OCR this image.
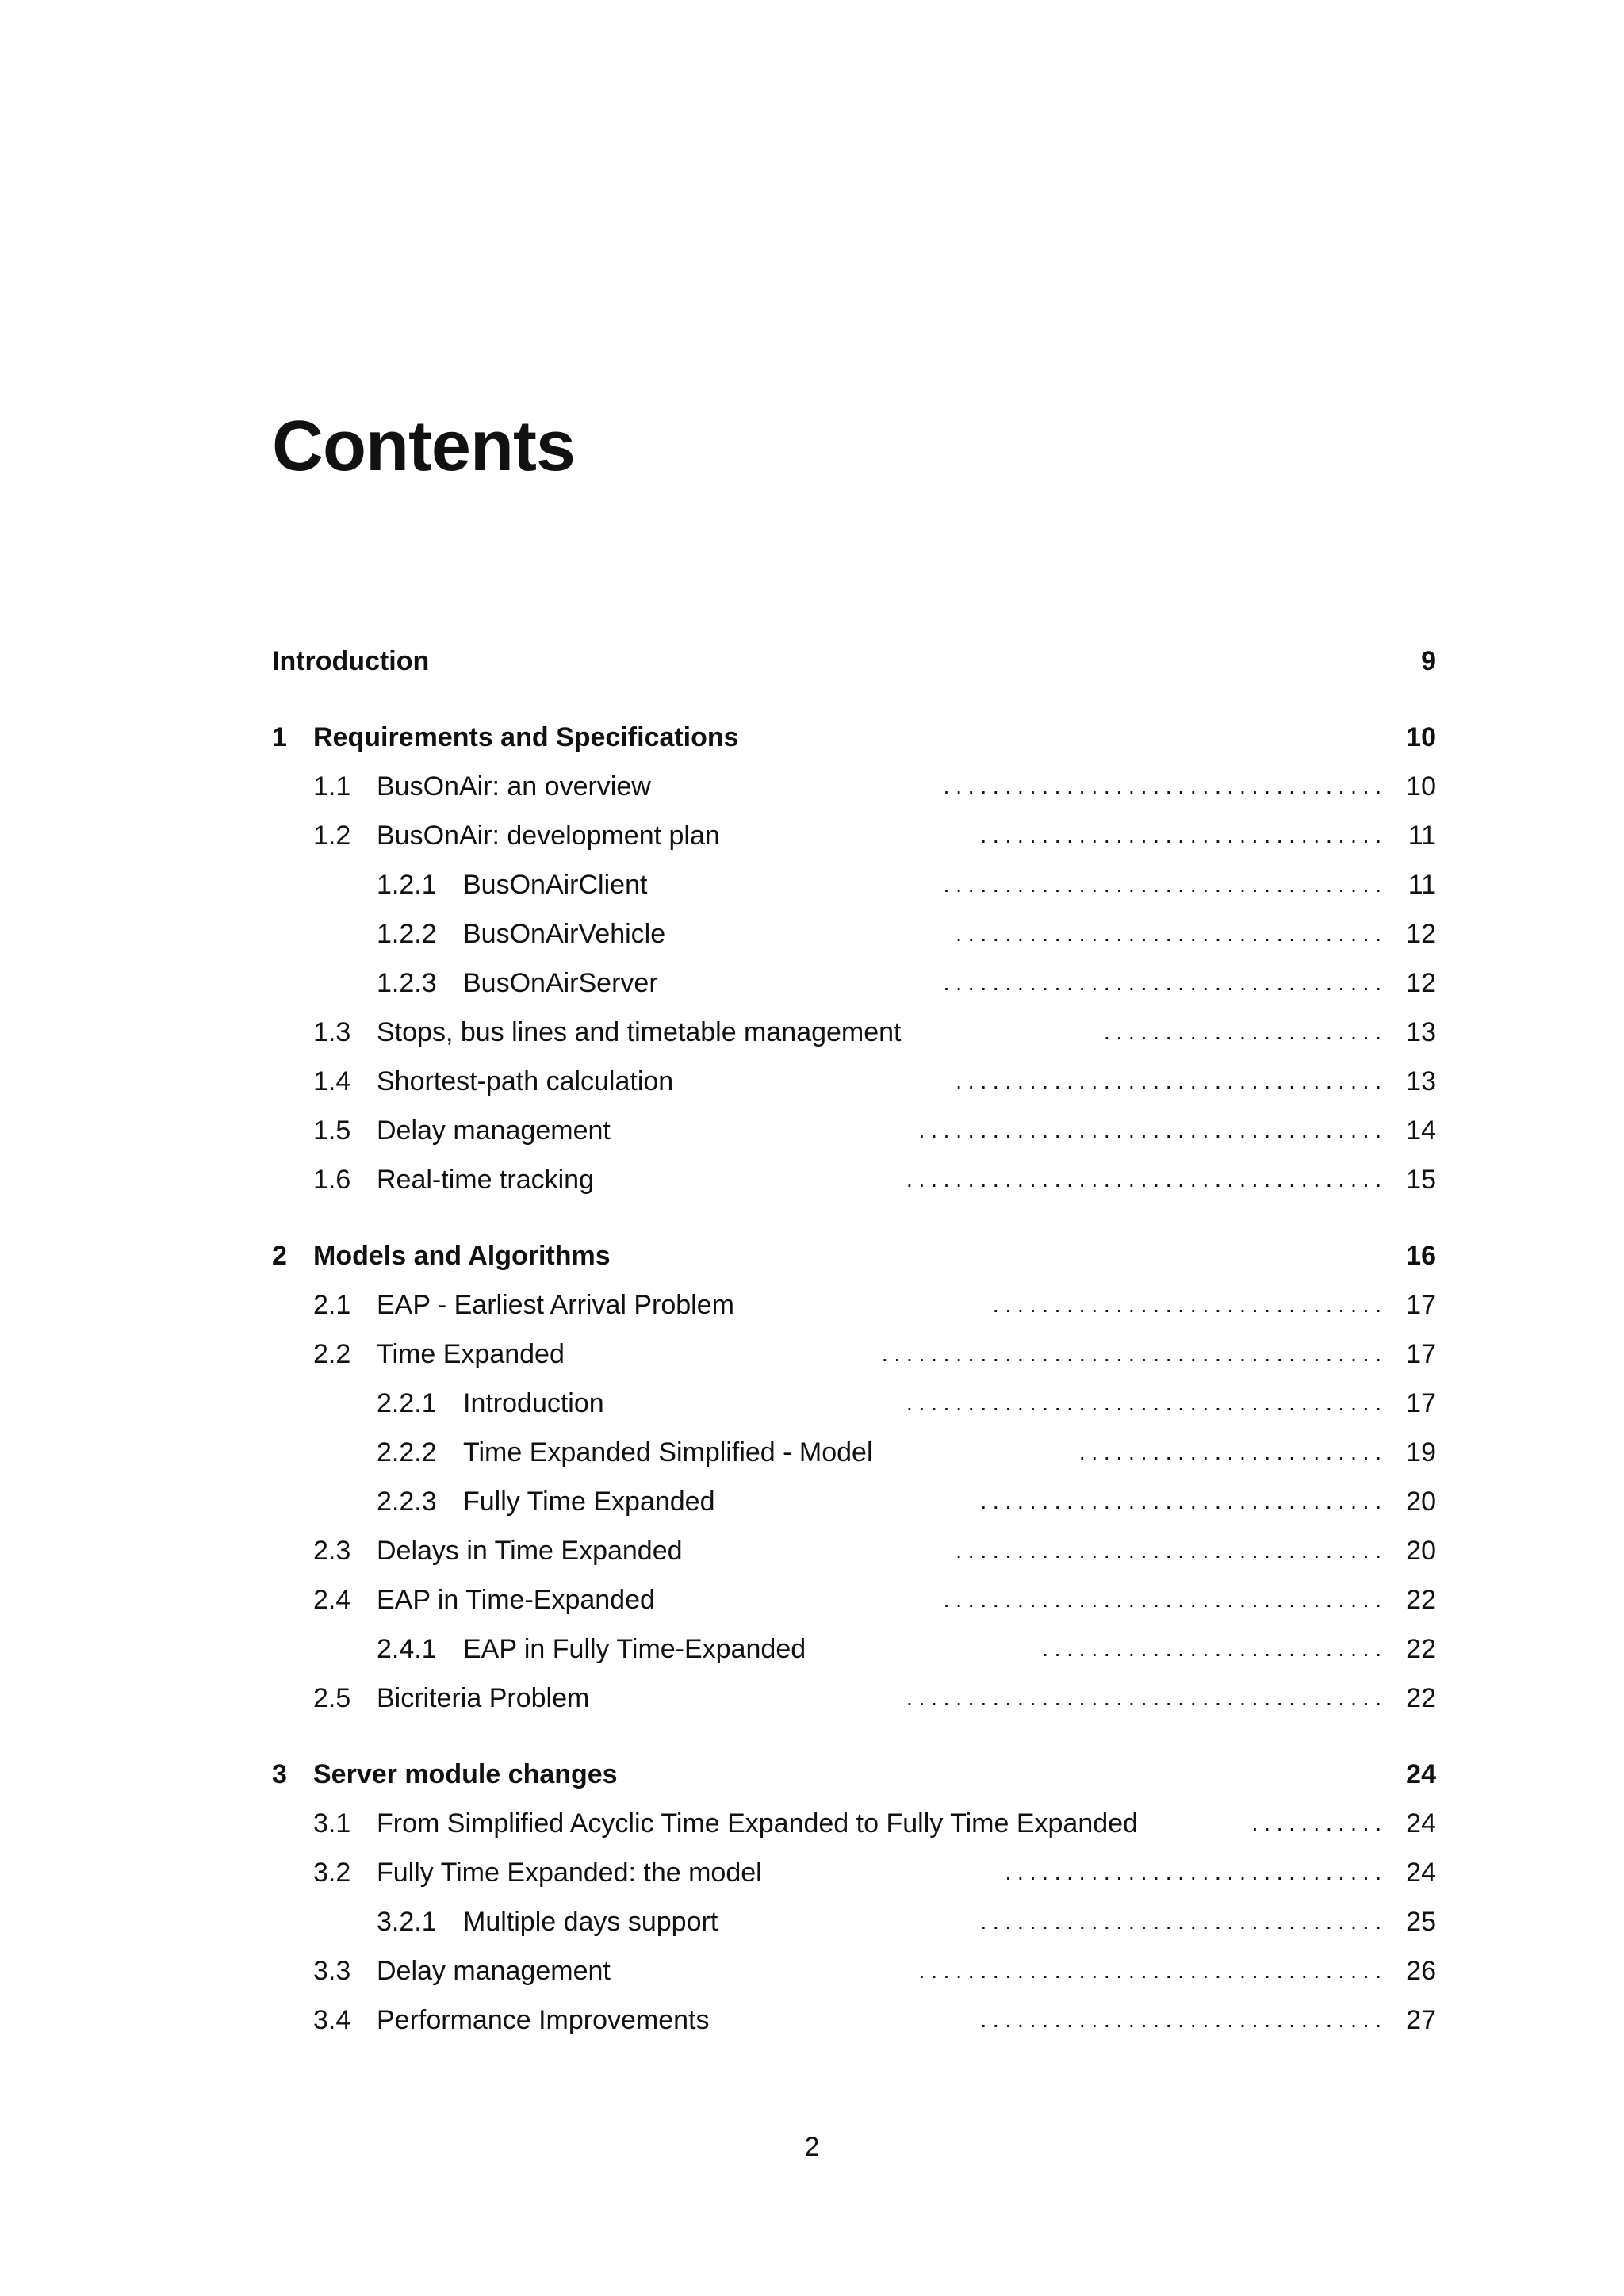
Contents
Introduction	9
1 Requirements and Specifications	10
1.1 BusOnAir: an overview	. . . . . . . . . . . . . . . . . . . . . . . . . . . . . . . . . . . . 10
1.2 BusOnAir: development plan	. . . . . . . . . . . . . . . . . . . . . . . . . . . . . . . . . 11
1.2.1 BusOnAirClient	. . . . . . . . . . . . . . . . . . . . . . . . . . . . . . . . . . . . 11
1.2.2 BusOnAirVehicle	. . . . . . . . . . . . . . . . . . . . . . . . . . . . . . . . . . . 12
1.2.3 BusOnAirServer	. . . . . . . . . . . . . . . . . . . . . . . . . . . . . . . . . . . . 12
1.3 Stops, bus lines and timetable management	. . . . . . . . . . . . . . . . . . . . . . . 13
1.4 Shortest-path calculation	. . . . . . . . . . . . . . . . . . . . . . . . . . . . . . . . . . . 13
1.5 Delay management	. . . . . . . . . . . . . . . . . . . . . . . . . . . . . . . . . . . . . . 14
1.6 Real-time tracking	. . . . . . . . . . . . . . . . . . . . . . . . . . . . . . . . . . . . . . . 15
2 Models and Algorithms	16
2.1 EAP - Earliest Arrival Problem	. . . . . . . . . . . . . . . . . . . . . . . . . . . . . . . . 17
2.2 Time Expanded	. . . . . . . . . . . . . . . . . . . . . . . . . . . . . . . . . . . . . . . . . 17
2.2.1 Introduction	. . . . . . . . . . . . . . . . . . . . . . . . . . . . . . . . . . . . . . . 17
2.2.2 Time Expanded Simplified - Model	. . . . . . . . . . . . . . . . . . . . . . . . . 19
2.2.3 Fully Time Expanded	. . . . . . . . . . . . . . . . . . . . . . . . . . . . . . . . . 20
2.3 Delays in Time Expanded	. . . . . . . . . . . . . . . . . . . . . . . . . . . . . . . . . . . 20
2.4 EAP in Time-Expanded	. . . . . . . . . . . . . . . . . . . . . . . . . . . . . . . . . . . . 22
2.4.1 EAP in Fully Time-Expanded	. . . . . . . . . . . . . . . . . . . . . . . . . . . . 22
2.5 Bicriteria Problem	. . . . . . . . . . . . . . . . . . . . . . . . . . . . . . . . . . . . . . . 22
3 Server module changes	24
3.1 From Simplified Acyclic Time Expanded to Fully Time Expanded	. . . . . . . . . . . 24
3.2 Fully Time Expanded: the model	. . . . . . . . . . . . . . . . . . . . . . . . . . . . . . . 24
3.2.1 Multiple days support	. . . . . . . . . . . . . . . . . . . . . . . . . . . . . . . . . 25
3.3 Delay management	. . . . . . . . . . . . . . . . . . . . . . . . . . . . . . . . . . . . . . 26
3.4 Performance Improvements	. . . . . . . . . . . . . . . . . . . . . . . . . . . . . . . . . 27
2
